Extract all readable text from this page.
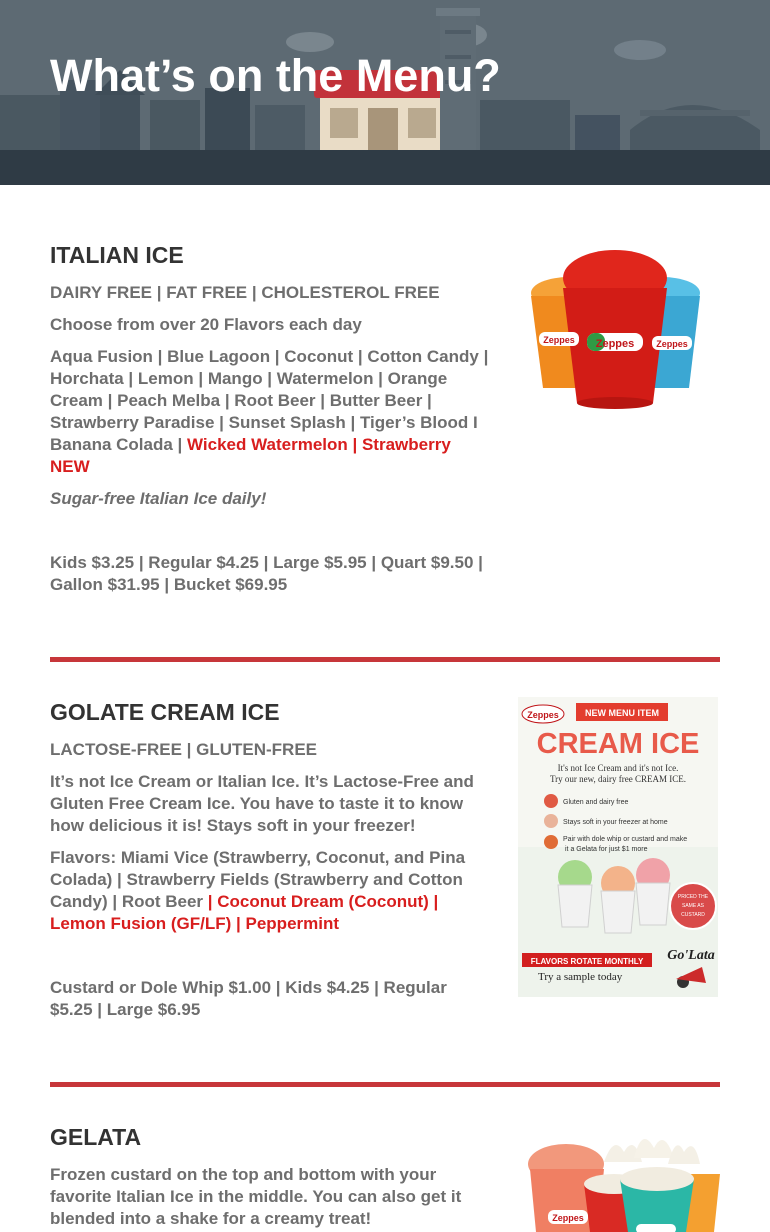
What’s on the Menu?
ITALIAN ICE
DAIRY FREE | FAT FREE | CHOLESTEROL FREE
Choose from over 20 Flavors each day
Aqua Fusion | Blue Lagoon | Coconut | Cotton Candy | Horchata | Lemon | Mango | Watermelon | Orange Cream | Peach Melba | Root Beer | Butter Beer | Strawberry Paradise | Sunset Splash | Tiger’s Blood I Banana Colada | Wicked Watermelon | Strawberry NEW
Sugar-free Italian Ice daily!
Kids $3.25 | Regular $4.25 | Large $5.95 | Quart $9.50 | Gallon $31.95 | Bucket $69.95
Zeppes
Zeppes	Zeppes
GOLATE CREAM ICE
LACTOSE-FREE | GLUTEN-FREE
It’s not Ice Cream or Italian Ice. It’s Lactose-Free and Gluten Free Cream Ice. You have to taste it to know how delicious it is! Stays soft in your freezer!
Flavors: Miami Vice (Strawberry, Coconut, and Pina Colada) | Strawberry Fields (Strawberry and Cotton Candy) | Root Beer | Coconut Dream (Coconut) | Lemon Fusion (GF/LF) | Peppermint
Custard or Dole Whip $1.00 | Kids $4.25 | Regular $5.25 | Large $6.95
Zeppes	NEW MENU ITEM
CREAM ICE
It's not Ice Cream and it's not Ice.
Try our new, dairy free CREAM ICE.
Gluten and dairy free
Stays soft in your freezer at home
Pair with dole whip or custard and make
it a Gelata for just $1 more
PRICED THE
SAME AS
CUSTARD
FLAVORS ROTATE MONTHLY
Try a sample today
Go'Lata
GELATA
Frozen custard on the top and bottom with your favorite Italian Ice in the middle. You can also get it blended into a shake for a creamy treat!	Zeppes
